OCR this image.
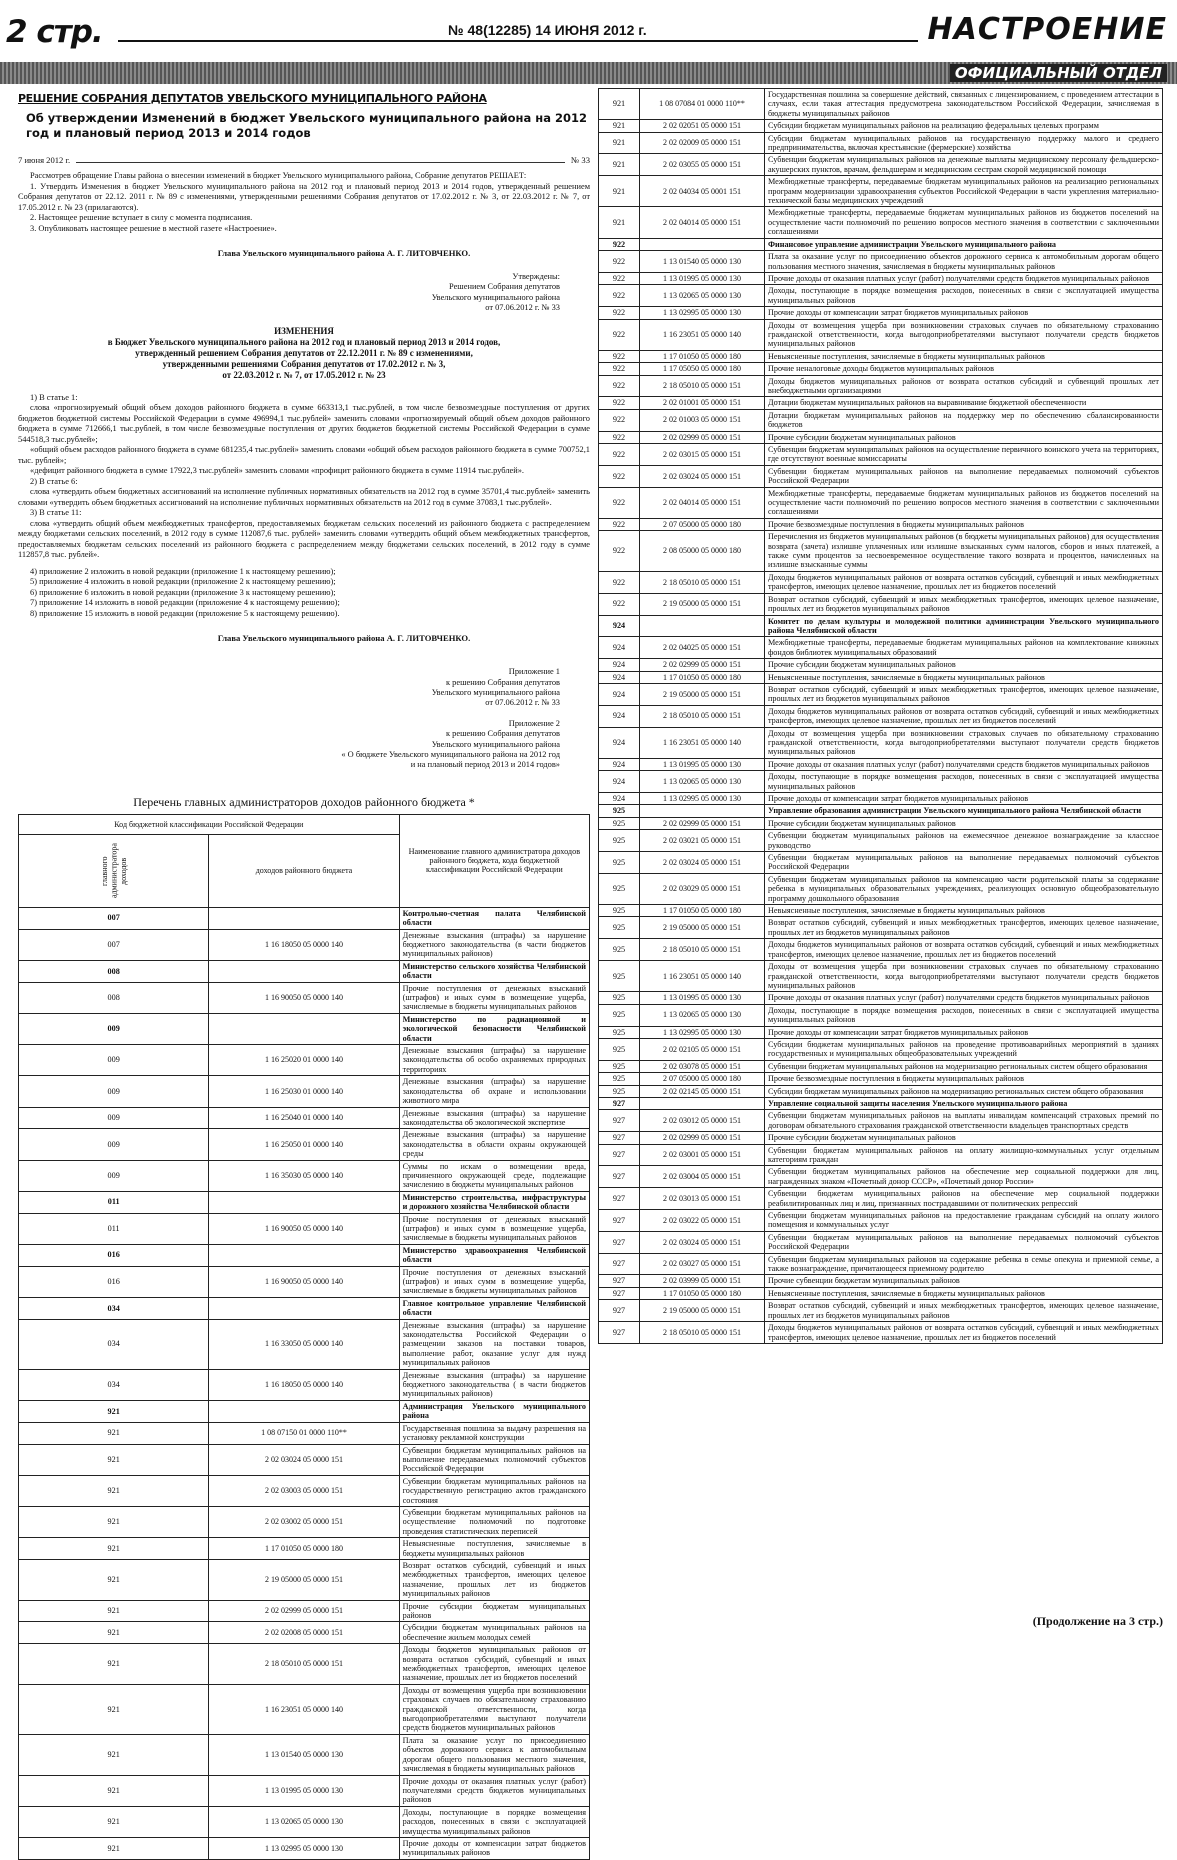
2 стр.	№ 48(12285) 14 ИЮНЯ 2012 г.	НАСТРОЕНИЕ
ОФИЦИАЛЬНЫЙ ОТДЕЛ
РЕШЕНИЕ СОБРАНИЯ ДЕПУТАТОВ УВЕЛЬСКОГО МУНИЦИПАЛЬНОГО РАЙОНА
Об утверждении Изменений в бюджет Увельского муниципального района на 2012 год и плановый период 2013 и 2014 годов
7 июня 2012 г.	№ 33

Рассмотрев обращение Главы района о внесении изменений в бюджет Увельского муниципального района, Собрание депутатов РЕШАЕТ:

1. Утвердить Изменения в бюджет Увельского муниципального района на 2012 год и плановый период 2013 и 2014 годов, утвержденный решением Собрания депутатов от 22.12. 2011 г. № 89 с изменениями, утвержденными решениями Собрания депутатов от 17.02.2012 г. № 3, от 22.03.2012 г. № 7, от 17.05.2012 г. № 23 (прилагаются).

2. Настоящее решение вступает в силу с момента подписания.

3. Опубликовать настоящее решение в местной газете «Настроение».

Глава Увельского муниципального района А. Г. ЛИТОВЧЕНКО.
Утверждены:
Решением Собрания депутатов
Увельского муниципального района
от 07.06.2012 г. № 33
ИЗМЕНЕНИЯ
в Бюджет Увельского муниципального района на 2012 год и плановый период 2013 и 2014 годов,
утвержденный решением Собрания депутатов от 22.12.2011 г. № 89 с изменениями,
утвержденными решениями Собрания депутатов от 17.02.2012 г. № 3,
от 22.03.2012 г. № 7, от 17.05.2012 г. № 23

1) В статье 1:

слова «прогнозируемый общий объем доходов районного бюджета в сумме 663313,1 тыс.рублей, в том числе безвозмездные поступления от других бюджетов бюджетной системы Российской Федерации в сумме 496994,1 тыс.рублей» заменить словами «прогнозируемый общий объем доходов районного бюджета в сумме 712666,1 тыс.рублей, в том числе безвозмездные поступления от других бюджетов бюджетной системы Российской Федерации в сумме 544518,3 тыс.рублей»;

«общий объем расходов районного бюджета в сумме 681235,4 тыс.рублей» заменить словами «общий объем расходов районного бюджета в сумме 700752,1 тыс. рублей»;

«дефицит районного бюджета в сумме 17922,3 тыс.рублей» заменить словами «профицит районного бюджета в сумме 11914 тыс.рублей».

2) В статье 6:

слова «утвердить объем бюджетных ассигнований на исполнение публичных нормативных обязательств на 2012 год в сумме 35701,4 тыс.рублей» заменить словами «утвердить объем бюджетных ассигнований на исполнение публичных нормативных обязательств на 2012 год в сумме 37083,1 тыс.рублей».

3) В статье 11:

слова «утвердить общий объем межбюджетных трансфертов, предоставляемых бюджетам сельских поселений из районного бюджета с распределением между бюджетами сельских поселений, в 2012 году в сумме 112087,6 тыс. рублей» заменить словами «утвердить общий объем межбюджетных трансфертов, предоставляемых бюджетам сельских поселений из районного бюджета с распределением между бюджетами сельских поселений, в 2012 году в сумме 112857,8 тыс. рублей».

4) приложение 2 изложить в новой редакции (приложение 1 к настоящему решению);

5) приложение 4 изложить в новой редакции (приложение 2 к настоящему решению);

6) приложение 6 изложить в новой редакции (приложение 3 к настоящему решению);

7) приложение 14 изложить в новой редакции (приложение 4 к настоящему решению);

8) приложение 15 изложить в новой редакции (приложение 5 к настоящему решению).

Глава Увельского муниципального района А. Г. ЛИТОВЧЕНКО.
Приложение 1
к решению Собрания депутатов
Увельского муниципального района
от 07.06.2012 г. № 33
Приложение 2
к решению Собрания депутатов
Увельского муниципального района
« О бюджете Увельского муниципального района на 2012 год
и на плановый период 2013 и 2014 годов»
Перечень главных администраторов доходов районного бюджета *
Код бюджетной классификации Российской Федерации		Наименование главного администратора доходов районного бюджета, кода бюджетной классификации Российской Федерации

главного администратора доходов	доходов районного бюджета	
007		Контрольно-счетная палата Челябинской области
007	1 16 18050 05 0000 140	Денежные взыскания (штрафы) за нарушение бюджетного законодательства (в части бюджетов муниципальных районов)
008		Министерство сельского хозяйства Челябинской области
008	1 16 90050 05 0000 140	Прочие поступления от денежных взысканий (штрафов) и иных сумм в возмещение ущерба, зачисляемые в бюджеты муниципальных районов
009		Министерство по радиационной и экологической безопасности Челябинской области
009	1 16 25020 01 0000 140	Денежные взыскания (штрафы) за нарушение законодательства об особо охраняемых природных территориях
009	1 16 25030 01 0000 140	Денежные взыскания (штрафы) за нарушение законодательства об охране и использовании животного мира
009	1 16 25040 01 0000 140	Денежные взыскания (штрафы) за нарушение законодательства об экологической экспертизе
009	1 16 25050 01 0000 140	Денежные взыскания (штрафы) за нарушение законодательства в области охраны окружающей среды
009	1 16 35030 05 0000 140	Суммы по искам о возмещении вреда, причиненного окружающей среде, подлежащие зачислению в бюджеты муниципальных районов
011		Министерство строительства, инфраструктуры и дорожного хозяйства Челябинской области
011	1 16 90050 05 0000 140	Прочие поступления от денежных взысканий (штрафов) и иных сумм в возмещение ущерба, зачисляемые в бюджеты муниципальных районов
016		Министерство здравоохранения Челябинской области
016	1 16 90050 05 0000 140	Прочие поступления от денежных взысканий (штрафов) и иных сумм в возмещение ущерба, зачисляемые в бюджеты муниципальных районов
034		Главное контрольное управление Челябинской области
034	1 16 33050 05 0000 140	Денежные взыскания (штрафы) за нарушение законодательства Российской Федерации о размещении заказов на поставки товаров, выполнение работ, оказание услуг для нужд муниципальных районов
034	1 16 18050 05 0000 140	Денежные взыскания (штрафы) за нарушение бюджетного законодательства ( в части бюджетов муниципальных районов)
921		Администрация Увельского муниципального района
921	1 08 07150 01 0000 110**	Государственная пошлина за выдачу разрешения на установку рекламной конструкции
921	2 02 03024 05 0000 151	Субвенции бюджетам муниципальных районов на выполнение передаваемых полномочий субъектов Российской Федерации
921	2 02 03003 05 0000 151	Субвенции бюджетам муниципальных районов на государственную регистрацию актов гражданского состояния
921	2 02 03002 05 0000 151	Субвенции бюджетам муниципальных районов на осуществление полномочий по подготовке проведения статистических переписей
921	1 17 01050 05 0000 180	Невыясненные поступления, зачисляемые в бюджеты муниципальных районов
921	2 19 05000 05 0000 151	Возврат остатков субсидий, субвенций и иных межбюджетных трансфертов, имеющих целевое назначение, прошлых лет из бюджетов муниципальных районов
921	2 02 02999 05 0000 151	Прочие субсидии бюджетам муниципальных районов
921	2 02 02008 05 0000 151	Субсидии бюджетам муниципальных районов на обеспечение жильем молодых семей
921	2 18 05010 05 0000 151	Доходы бюджетов муниципальных районов от возврата остатков субсидий, субвенций и иных межбюджетных трансфертов, имеющих целевое назначение, прошлых лет из бюджетов поселений
921	1 16 23051 05 0000 140	Доходы от возмещения ущерба при возникновении страховых случаев по обязательному страхованию гражданской ответственности, когда выгодоприобретателями выступают получатели средств бюджетов муниципальных районов
921	1 13 01540 05 0000 130	Плата за оказание услуг по присоединению объектов дорожного сервиса к автомобильным дорогам общего пользования местного значения, зачисляемая в бюджеты муниципальных районов
921	1 13 01995 05 0000 130	Прочие доходы от оказания платных услуг (работ) получателями средств бюджетов муниципальных районов
921	1 13 02065 05 0000 130	Доходы, поступающие в порядке возмещения расходов, понесенных в связи с эксплуатацией имущества муниципальных районов
921	1 13 02995 05 0000 130	Прочие доходы от компенсации затрат бюджетов муниципальных районов
921	1 08 07084 01 0000 110**	Государственная пошлина за совершение действий, связанных с лицензированием, с проведением аттестации в случаях, если такая аттестация предусмотрена законодательством Российской Федерации, зачисляемая в бюджеты муниципальных районов
921	2 02 02051 05 0000 151	Субсидии бюджетам муниципальных районов на реализацию федеральных целевых программ
921	2 02 02009 05 0000 151	Субсидии бюджетам муниципальных районов на государственную поддержку малого и среднего предпринимательства, включая крестьянские (фермерские) хозяйства
921	2 02 03055 05 0000 151	Субвенции бюджетам муниципальных районов на денежные выплаты медицинскому персоналу фельдшерско-акушерских пунктов, врачам, фельдшерам и медицинским сестрам скорой медицинской помощи
921	2 02 04034 05 0001 151	Межбюджетные трансферты, передаваемые бюджетам муниципальных районов на реализацию региональных программ модернизации здравоохранения субъектов Российской Федерации в части укрепления материально-технической базы медицинских учреждений
921	2 02 04014 05 0000 151	Межбюджетные трансферты, передаваемые бюджетам муниципальных районов из бюджетов поселений на осуществление части полномочий по решению вопросов местного значения в соответствии с заключенными соглашениями
922		Финансовое управление администрации Увельского муниципального района
922	1 13 01540 05 0000 130	Плата за оказание услуг по присоединению объектов дорожного сервиса к автомобильным дорогам общего пользования местного значения, зачисляемая в бюджеты муниципальных районов
922	1 13 01995 05 0000 130	Прочие доходы от оказания платных услуг (работ) получателями средств бюджетов муниципальных районов
922	1 13 02065 05 0000 130	Доходы, поступающие в порядке возмещения расходов, понесенных в связи с эксплуатацией имущества муниципальных районов
922	1 13 02995 05 0000 130	Прочие доходы от компенсации затрат бюджетов муниципальных районов
922	1 16 23051 05 0000 140	Доходы от возмещения ущерба при возникновении страховых случаев по обязательному страхованию гражданской ответственности, когда выгодоприобретателями выступают получатели средств бюджетов муниципальных районов
922	1 17 01050 05 0000 180	Невыясненные поступления, зачисляемые в бюджеты муниципальных районов
922	1 17 05050 05 0000 180	Прочие неналоговые доходы бюджетов муниципальных районов
922	2 18 05010 05 0000 151	Доходы бюджетов муниципальных районов от возврата остатков субсидий и субвенций прошлых лет внебюджетными организациями
922	2 02 01001 05 0000 151	Дотации бюджетам муниципальных районов на выравнивание бюджетной обеспеченности
922	2 02 01003 05 0000 151	Дотации бюджетам муниципальных районов на поддержку мер по обеспечению сбалансированности бюджетов
922	2 02 02999 05 0000 151	Прочие субсидии бюджетам муниципальных районов
922	2 02 03015 05 0000 151	Субвенции бюджетам муниципальных районов на осуществление первичного воинского учета на территориях, где отсутствуют военные комиссариаты
922	2 02 03024 05 0000 151	Субвенции бюджетам муниципальных районов на выполнение передаваемых полномочий субъектов Российской Федерации
922	2 02 04014 05 0000 151	Межбюджетные трансферты, передаваемые бюджетам муниципальных районов из бюджетов поселений на осуществление части полномочий по решению вопросов местного значения в соответствии с заключенными соглашениями
922	2 07 05000 05 0000 180	Прочие безвозмездные поступления в бюджеты муниципальных районов
922	2 08 05000 05 0000 180	Перечисления из бюджетов муниципальных районов (в бюджеты муниципальных районов) для осуществления возврата (зачета) излишне уплаченных или излишне взысканных сумм налогов, сборов и иных платежей, а также сумм процентов за несвоевременное осуществление такого возврата и процентов, начисленных на излишне взысканные суммы
922	2 18 05010 05 0000 151	Доходы бюджетов муниципальных районов от возврата остатков субсидий, субвенций и иных межбюджетных трансфертов, имеющих целевое назначение, прошлых лет из бюджетов поселений
922	2 19 05000 05 0000 151	Возврат остатков субсидий, субвенций и иных межбюджетных трансфертов, имеющих целевое назначение, прошлых лет из бюджетов муниципальных районов
924		Комитет по делам культуры и молодежной политики администрации Увельского муниципального района Челябинской области
924	2 02 04025 05 0000 151	Межбюджетные трансферты, передаваемые бюджетам муниципальных районов на комплектование книжных фондов библиотек муниципальных образований
924	2 02 02999 05 0000 151	Прочие субсидии бюджетам муниципальных районов
924	1 17 01050 05 0000 180	Невыясненные поступления, зачисляемые в бюджеты муниципальных районов
924	2 19 05000 05 0000 151	Возврат остатков субсидий, субвенций и иных межбюджетных трансфертов, имеющих целевое назначение, прошлых лет из бюджетов муниципальных районов
924	2 18 05010 05 0000 151	Доходы бюджетов муниципальных районов от возврата остатков субсидий, субвенций и иных межбюджетных трансфертов, имеющих целевое назначение, прошлых лет из бюджетов поселений
924	1 16 23051 05 0000 140	Доходы от возмещения ущерба при возникновении страховых случаев по обязательному страхованию гражданской ответственности, когда выгодоприобретателями выступают получатели средств бюджетов муниципальных районов
924	1 13 01995 05 0000 130	Прочие доходы от оказания платных услуг (работ) получателями средств бюджетов муниципальных районов
924	1 13 02065 05 0000 130	Доходы, поступающие в порядке возмещения расходов, понесенных в связи с эксплуатацией имущества муниципальных районов
924	1 13 02995 05 0000 130	Прочие доходы от компенсации затрат бюджетов муниципальных районов
925		Управление образования администрации Увельского муниципального района Челябинской области
925	2 02 02999 05 0000 151	Прочие субсидии бюджетам муниципальных районов
925	2 02 03021 05 0000 151	Субвенции бюджетам муниципальных районов на ежемесячное денежное вознаграждение за классное руководство
925	2 02 03024 05 0000 151	Субвенции бюджетам муниципальных районов на выполнение передаваемых полномочий субъектов Российской Федерации
925	2 02 03029 05 0000 151	Субвенции бюджетам муниципальных районов на компенсацию части родительской платы за содержание ребенка в муниципальных образовательных учреждениях, реализующих основную общеобразовательную программу дошкольного образования
925	1 17 01050 05 0000 180	Невыясненные поступления, зачисляемые в бюджеты муниципальных районов
925	2 19 05000 05 0000 151	Возврат остатков субсидий, субвенций и иных межбюджетных трансфертов, имеющих целевое назначение, прошлых лет из бюджетов муниципальных районов
925	2 18 05010 05 0000 151	Доходы бюджетов муниципальных районов от возврата остатков субсидий, субвенций и иных межбюджетных трансфертов, имеющих целевое назначение, прошлых лет из бюджетов поселений
925	1 16 23051 05 0000 140	Доходы от возмещения ущерба при возникновении страховых случаев по обязательному страхованию гражданской ответственности, когда выгодоприобретателями выступают получатели средств бюджетов муниципальных районов
925	1 13 01995 05 0000 130	Прочие доходы от оказания платных услуг (работ) получателями средств бюджетов муниципальных районов
925	1 13 02065 05 0000 130	Доходы, поступающие в порядке возмещения расходов, понесенных в связи с эксплуатацией имущества муниципальных районов
925	1 13 02995 05 0000 130	Прочие доходы от компенсации затрат бюджетов муниципальных районов
925	2 02 02105 05 0000 151	Субсидии бюджетам муниципальных районов на проведение противоаварийных мероприятий в зданиях государственных и муниципальных общеобразовательных учреждений
925	2 02 03078 05 0000 151	Субвенции бюджетам муниципальных районов на модернизацию региональных систем общего образования
925	2 07 05000 05 0000 180	Прочие безвозмездные поступления в бюджеты муниципальных районов
925	2 02 02145 05 0000 151	Субсидии бюджетам муниципальных районов на модернизацию региональных систем общего образования
927		Управление социальной защиты населения Увельского муниципального района
927	2 02 03012 05 0000 151	Субвенции бюджетам муниципальных районов на выплаты инвалидам компенсаций страховых премий по договорам обязательного страхования гражданской ответственности владельцев транспортных средств
927	2 02 02999 05 0000 151	Прочие субсидии бюджетам муниципальных районов
927	2 02 03001 05 0000 151	Субвенции бюджетам муниципальных районов на оплату жилищно-коммунальных услуг отдельным категориям граждан
927	2 02 03004 05 0000 151	Субвенции бюджетам муниципальных районов на обеспечение мер социальной поддержки для лиц, награжденных знаком «Почетный донор СССР», «Почетный донор России»
927	2 02 03013 05 0000 151	Субвенции бюджетам муниципальных районов на обеспечение мер социальной поддержки реабилитированных лиц и лиц, признанных пострадавшими от политических репрессий
927	2 02 03022 05 0000 151	Субвенции бюджетам муниципальных районов на предоставление гражданам субсидий на оплату жилого помещения и коммунальных услуг
927	2 02 03024 05 0000 151	Субвенции бюджетам муниципальных районов на выполнение передаваемых полномочий субъектов Российской Федерации
927	2 02 03027 05 0000 151	Субвенции бюджетам муниципальных районов на содержание ребенка в семье опекуна и приемной семье, а также вознаграждение, причитающееся приемному родителю
927	2 02 03999 05 0000 151	Прочие субвенции бюджетам муниципальных районов
927	1 17 01050 05 0000 180	Невыясненные поступления, зачисляемые в бюджеты муниципальных районов
927	2 19 05000 05 0000 151	Возврат остатков субсидий, субвенций и иных межбюджетных трансфертов, имеющих целевое назначение, прошлых лет из бюджетов муниципальных районов
927	2 18 05010 05 0000 151	Доходы бюджетов муниципальных районов от возврата остатков субсидий, субвенций и иных межбюджетных трансфертов, имеющих целевое назначение, прошлых лет из бюджетов поселений
(Продолжение на 3 стр.)
